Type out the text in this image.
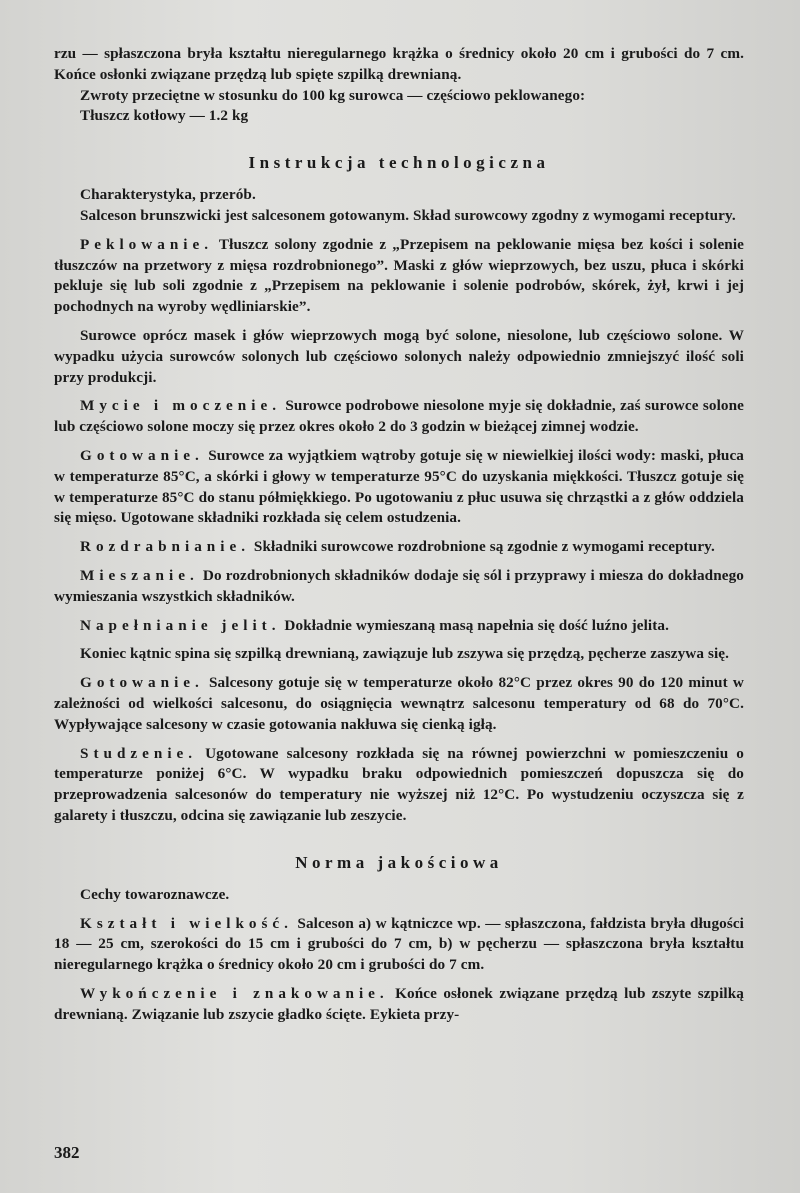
rzu — spłaszczona bryła kształtu nieregularnego krążka o średnicy około 20 cm i grubości do 7 cm. Końce osłonki związane przędzą lub spięte szpilką drewnianą.

Zwroty przeciętne w stosunku do 100 kg surowca — częściowo peklowanego:

Tłuszcz kotłowy — 1.2 kg

Instrukcja technologiczna

Charakterystyka, przerób.

Salceson brunszwicki jest salcesonem gotowanym. Skład surowcowy zgodny z wymogami receptury.

Peklowanie. Tłuszcz solony zgodnie z „Przepisem na peklowanie mięsa bez kości i solenie tłuszczów na przetwory z mięsa rozdrobnionego”. Maski z głów wieprzowych, bez uszu, płuca i skórki peklujе się lub soli zgodnie z „Przepisem na peklowanie i solenie podrobów, skórek, żył, krwi i jej pochodnych na wyroby wędliniarskie”.

Surowce oprócz masek i głów wieprzowych mogą być solone, niesolone, lub częściowo solone. W wypadku użycia surowców solonych lub częściowo solonych należy odpowiednio zmniejszyć ilość soli przy produkcji.

Mycie i moczenie. Surowce podrobowe niesolone myje się dokładnie, zaś surowce solone lub częściowo solone moczy się przez okres około 2 do 3 godzin w bieżącej zimnej wodzie.

Gotowanie. Surowce za wyjątkiem wątroby gotuje się w niewielkiej ilości wody: maski, płuca w temperaturze 85°C, a skórki i głowy w temperaturze 95°C do uzyskania miękkości. Tłuszcz gotuje się w temperaturze 85°C do stanu półmiękkiego. Po ugotowaniu z płuc usuwa się chrząstki a z głów oddziela się mięso. Ugotowane składniki rozkłada się celem ostudzenia.

Rozdrabnianie. Składniki surowcowe rozdrobnione są zgodnie z wymogami receptury.

Mieszanie. Do rozdrobnionych składników dodaje się sól i przyprawy i miesza do dokładnego wymieszania wszystkich składników.

Napełnianie jelit. Dokładnie wymieszaną masą napełnia się dość luźno jelita.

Koniec kątnic spina się szpilką drewnianą, zawiązuje lub zszywa się przędzą, pęcherze zaszywa się.

Gotowanie. Salcesony gotuje się w temperaturze około 82°C przez okres 90 do 120 minut w zależności od wielkości salcesonu, do osiągnięcia wewnątrz salcesonu temperatury od 68 do 70°C. Wypływające salcesony w czasie gotowania nakłuwa się cienką igłą.

Studzenie. Ugotowane salcesony rozkłada się na równej powierzchni w pomieszczeniu o temperaturze poniżej 6°C. W wypadku braku odpowiednich pomieszczeń dopuszcza się do przeprowadzenia salcesonów do temperatury nie wyższej niż 12°C. Po wystudzeniu oczyszcza się z galarety i tłuszczu, odcina się zawiązanie lub zeszycie.

Norma jakościowa

Cechy towaroznawcze.

Kształt i wielkość. Salceson a) w kątniczce wp. — spłaszczona, fałdzista bryła długości 18 — 25 cm, szerokości do 15 cm i grubości do 7 cm, b) w pęcherzu — spłaszczona bryła kształtu nieregularnego krążka o średnicy około 20 cm i grubości do 7 cm.

Wykończenie i znakowanie. Końce osłonek związane przędzą lub zszyte szpilką drewnianą. Związanie lub zszycie gładko ścięte. Eykieta przy-

382
